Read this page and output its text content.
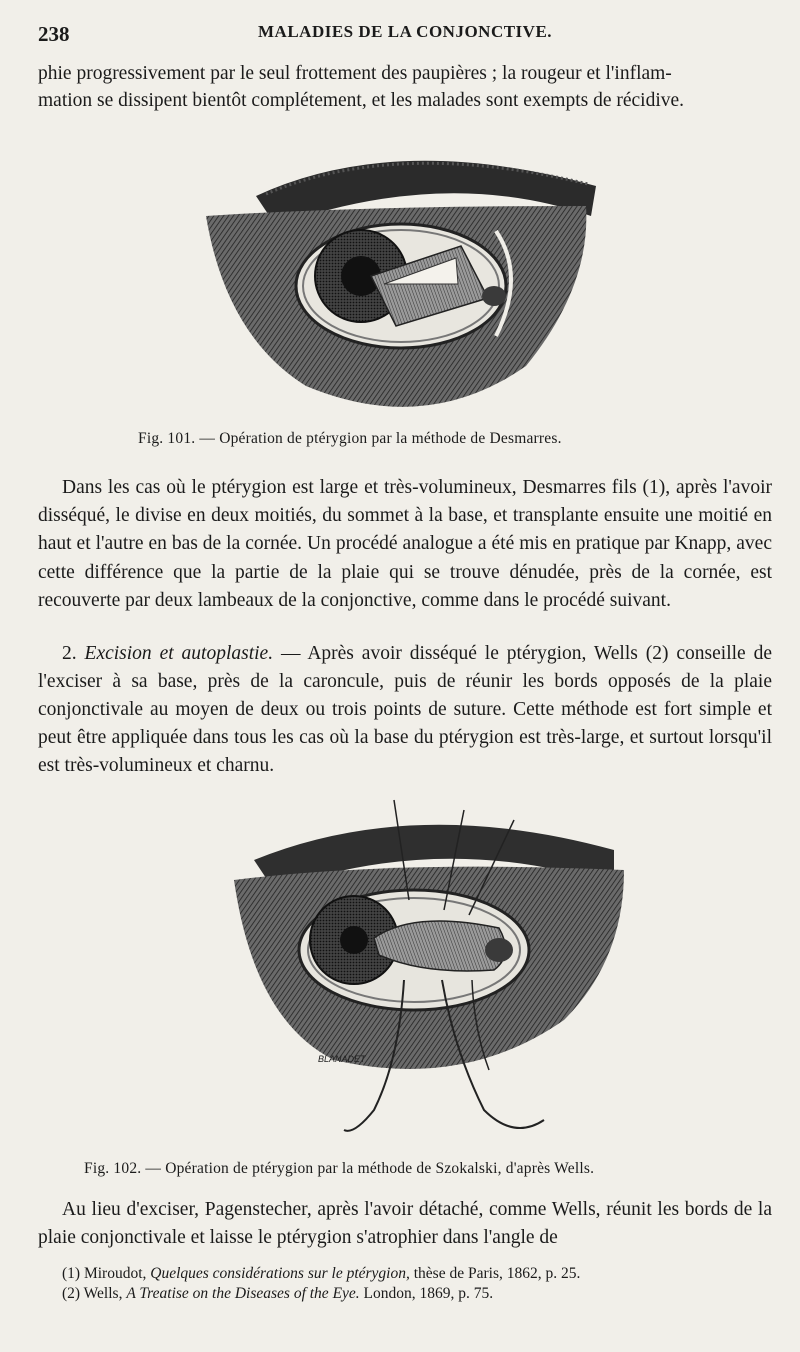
238	MALADIES DE LA CONJONCTIVE.
phie progressivement par le seul frottement des paupières ; la rougeur et l'inflam-
mation se dissipent bientôt complétement, et les malades sont exempts de récidive.
Fig. 101. — Opération de ptérygion par la méthode de Desmarres.

Dans les cas où le ptérygion est large et très-volumineux, Desmarres fils (1), après l'avoir disséqué, le divise en deux moitiés, du sommet à la base, et transplante ensuite une moitié en haut et l'autre en bas de la cornée. Un procédé analogue a été mis en pratique par Knapp, avec cette différence que la partie de la plaie qui se trouve dénudée, près de la cornée, est recouverte par deux lambeaux de la conjonctive, comme dans le procédé suivant.

2. Excision et autoplastie. — Après avoir disséqué le ptérygion, Wells (2) conseille de l'exciser à sa base, près de la caroncule, puis de réunir les bords opposés de la plaie conjonctivale au moyen de deux ou trois points de suture. Cette méthode est fort simple et peut être appliquée dans tous les cas où la base du ptérygion est très-large, et surtout lorsqu'il est très-volumineux et charnu.

BLANADET
Fig. 102. — Opération de ptérygion par la méthode de Szokalski, d'après Wells.

Au lieu d'exciser, Pagenstecher, après l'avoir détaché, comme Wells, réunit les bords de la plaie conjonctivale et laisse le ptérygion s'atrophier dans l'angle de

(1) Miroudot, Quelques considérations sur le ptérygion, thèse de Paris, 1862, p. 25.
(2) Wells, A Treatise on the Diseases of the Eye. London, 1869, p. 75.
